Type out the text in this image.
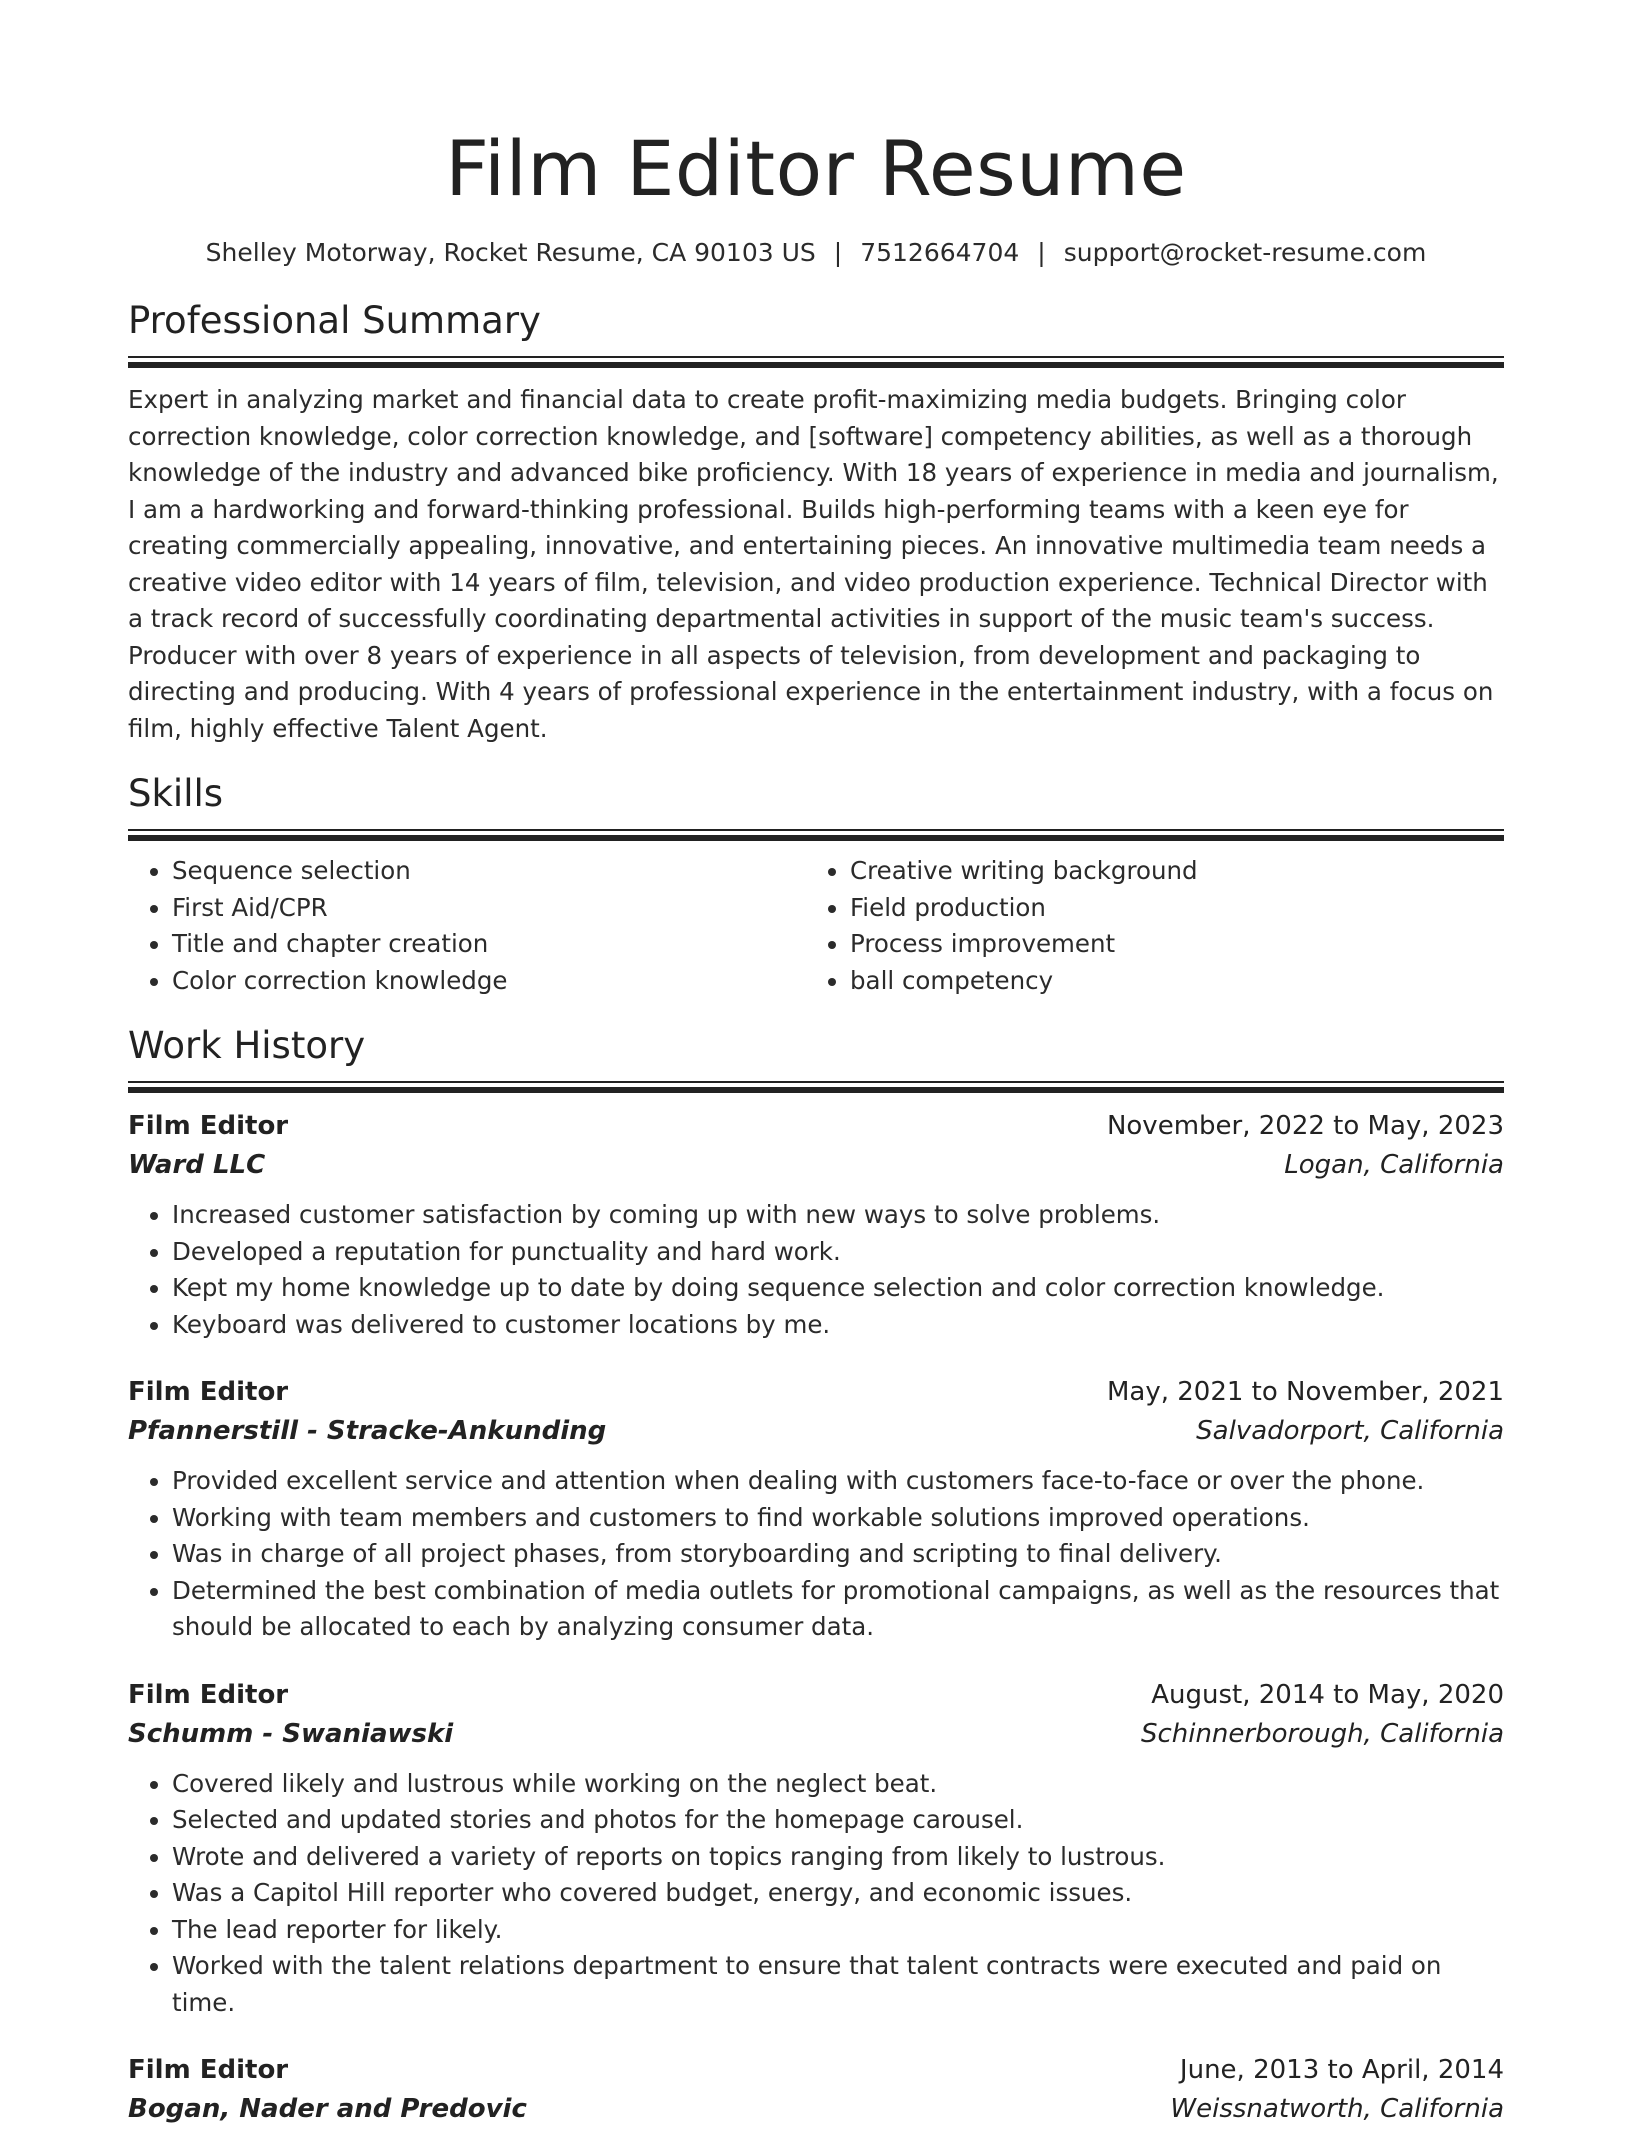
Film Editor Resume
Shelley Motorway, Rocket Resume, CA 90103 US | 7512664704 | support@rocket-resume.com
Professional Summary
Expert in analyzing market and financial data to create profit-maximizing media budgets. Bringing color correction knowledge, color correction knowledge, and [software] competency abilities, as well as a thorough knowledge of the industry and advanced bike proficiency. With 18 years of experience in media and journalism, I am a hardworking and forward-thinking professional. Builds high-performing teams with a keen eye for creating commercially appealing, innovative, and entertaining pieces. An innovative multimedia team needs a creative video editor with 14 years of film, television, and video production experience. Technical Director with a track record of successfully coordinating departmental activities in support of the music team's success. Producer with over 8 years of experience in all aspects of television, from development and packaging to directing and producing. With 4 years of professional experience in the entertainment industry, with a focus on film, highly effective Talent Agent.
Skills
• Sequence selection
• First Aid/CPR
• Title and chapter creation
• Color correction knowledge
• Creative writing background
• Field production
• Process improvement
• ball competency
Work History
Film Editor	November, 2022 to May, 2023
Ward LLC	Logan, California
• Increased customer satisfaction by coming up with new ways to solve problems.
• Developed a reputation for punctuality and hard work.
• Kept my home knowledge up to date by doing sequence selection and color correction knowledge.
• Keyboard was delivered to customer locations by me.
Film Editor	May, 2021 to November, 2021
Pfannerstill - Stracke-Ankunding	Salvadorport, California
• Provided excellent service and attention when dealing with customers face-to-face or over the phone.
• Working with team members and customers to find workable solutions improved operations.
• Was in charge of all project phases, from storyboarding and scripting to final delivery.
• Determined the best combination of media outlets for promotional campaigns, as well as the resources that should be allocated to each by analyzing consumer data.
Film Editor	August, 2014 to May, 2020
Schumm - Swaniawski	Schinnerborough, California
• Covered likely and lustrous while working on the neglect beat.
• Selected and updated stories and photos for the homepage carousel.
• Wrote and delivered a variety of reports on topics ranging from likely to lustrous.
• Was a Capitol Hill reporter who covered budget, energy, and economic issues.
• The lead reporter for likely.
• Worked with the talent relations department to ensure that talent contracts were executed and paid on time.
Film Editor	June, 2013 to April, 2014
Bogan, Nader and Predovic	Weissnatworth, California
